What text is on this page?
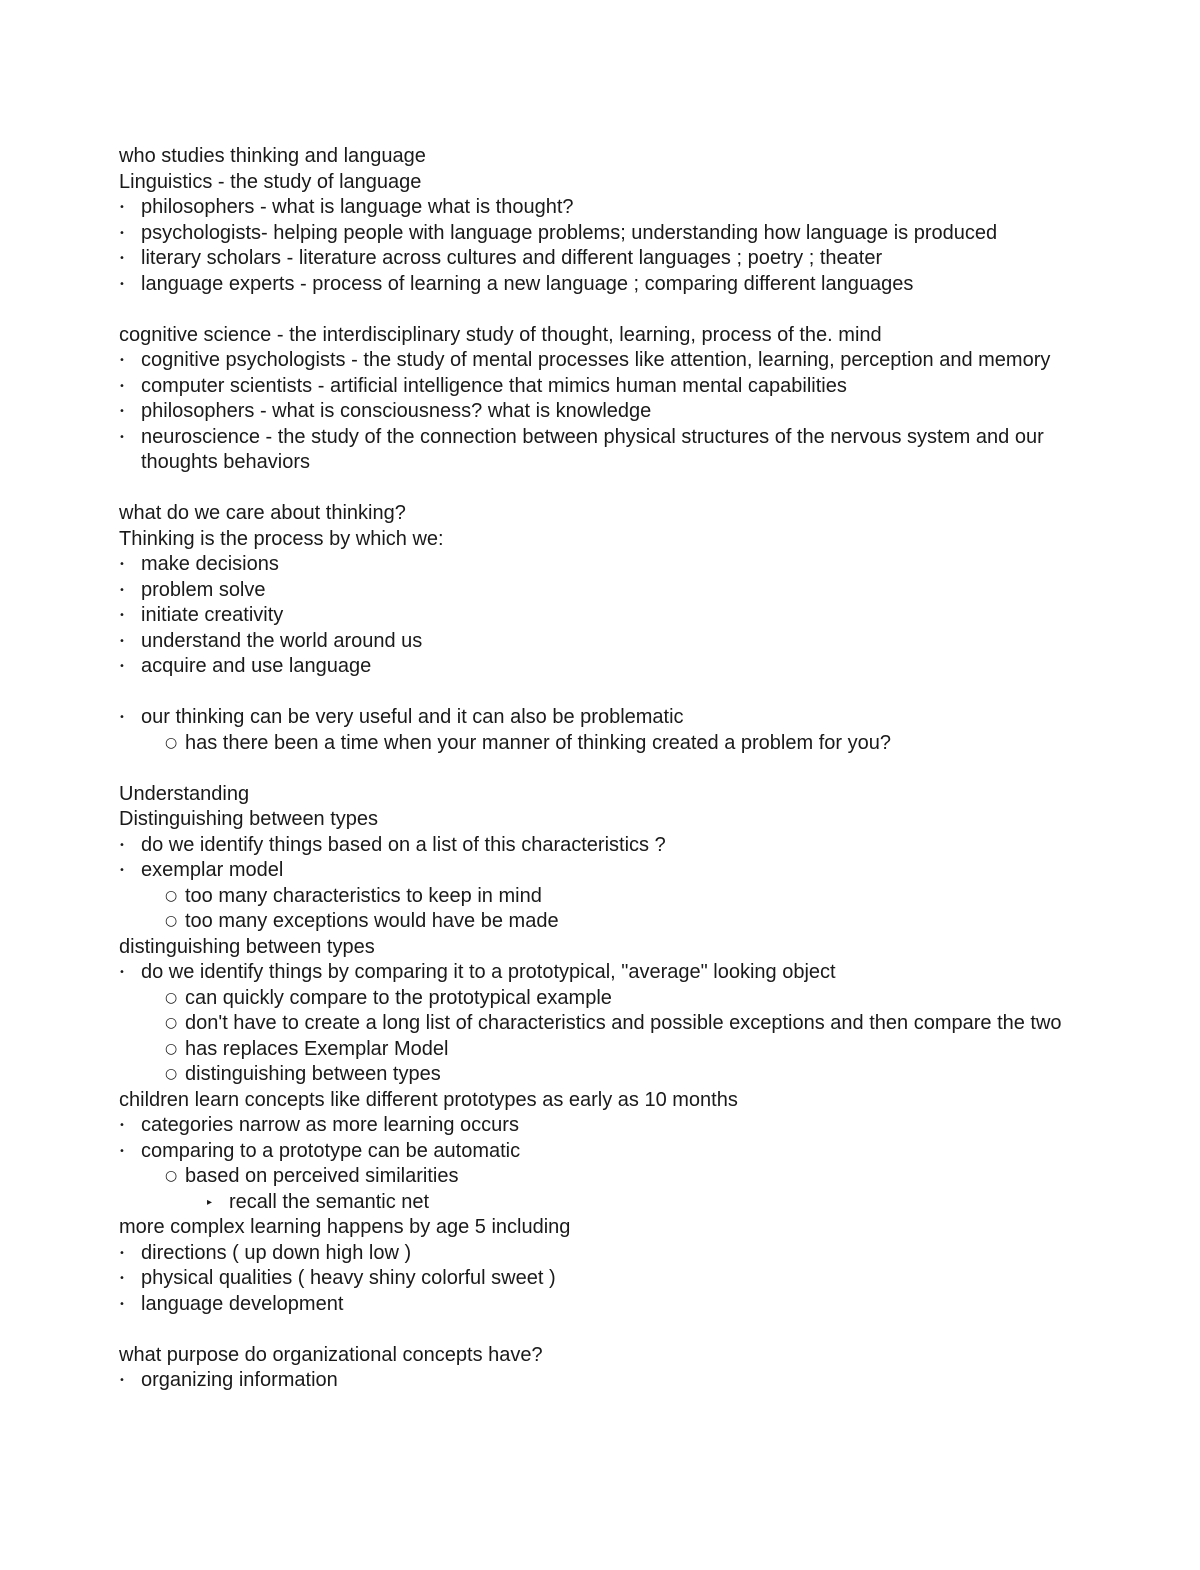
who studies thinking and language
Linguistics - the study of language
• philosophers - what is language what is thought?
• psychologists- helping people with language problems; understanding how language is produced
• literary scholars - literature across cultures and different languages ; poetry ; theater
• language experts - process of learning a new language ; comparing different languages
cognitive science - the interdisciplinary study of thought, learning, process of the. mind
• cognitive psychologists - the study of mental processes like attention, learning, perception and memory
• computer scientists - artificial intelligence that mimics human mental capabilities
• philosophers - what is consciousness? what is knowledge
• neuroscience - the study of the connection between physical structures of the nervous system and our thoughts behaviors
what do we care about thinking?
Thinking is the process by which we:
• make decisions
• problem solve
• initiate creativity
• understand the world around us
• acquire and use language
• our thinking can be very useful and it can also be problematic
○ has there been a time when your manner of thinking created a problem for you?
Understanding
Distinguishing between types
• do we identify things based on a list of this characteristics ?
• exemplar model
○ too many characteristics to keep in mind
○ too many exceptions would have be made
distinguishing between types
• do we identify things by comparing it to a prototypical, "average" looking object
○ can quickly compare to the prototypical example
○ don't have to create a long list of characteristics and possible exceptions and then compare the two
○ has replaces Exemplar Model
○ distinguishing between types
children learn concepts like different prototypes as early as 10 months
• categories narrow as more learning occurs
• comparing to a prototype can be automatic
○ based on perceived similarities
▸ recall the semantic net
more complex learning happens by age 5 including
• directions ( up down high low )
• physical qualities ( heavy shiny colorful sweet )
• language development
what purpose do organizational concepts have?
• organizing information
